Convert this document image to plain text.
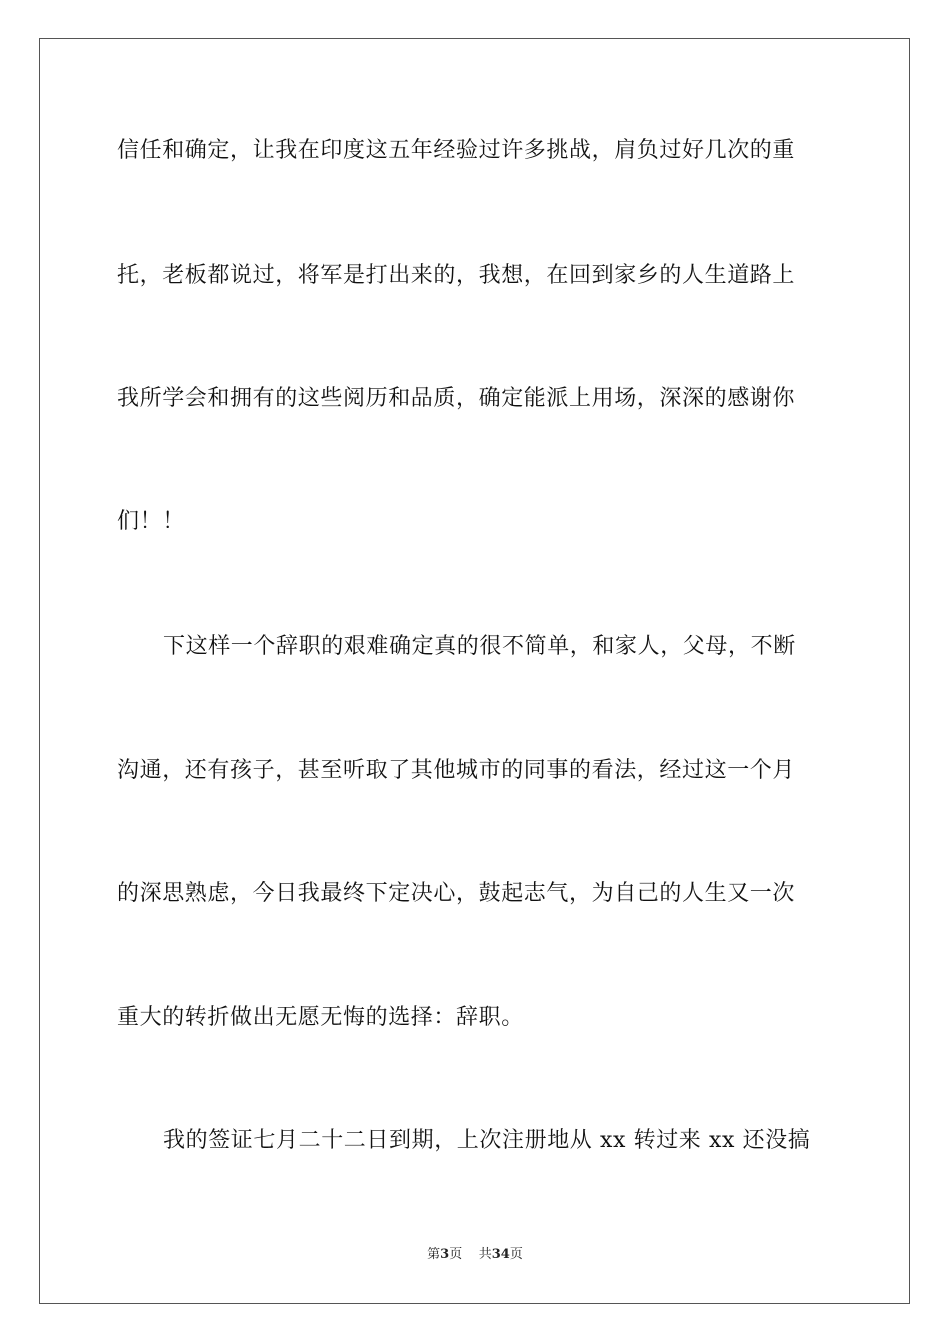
信任和确定，让我在印度这五年经验过许多挑战，肩负过好几次的重
托，老板都说过，将军是打出来的，我想，在回到家乡的人生道路上
我所学会和拥有的这些阅历和品质，确定能派上用场，深深的感谢你
们！！
下这样一个辞职的艰难确定真的很不简单，和家人，父母，不断
沟通，还有孩子，甚至听取了其他城市的同事的看法，经过这一个月
的深思熟虑，今日我最终下定决心，鼓起志气，为自己的人生又一次
重大的转折做出无愿无悔的选择：辞职。
我的签证七月二十二日到期，上次注册地从 xx 转过来 xx 还没搞
第3页 共34页
